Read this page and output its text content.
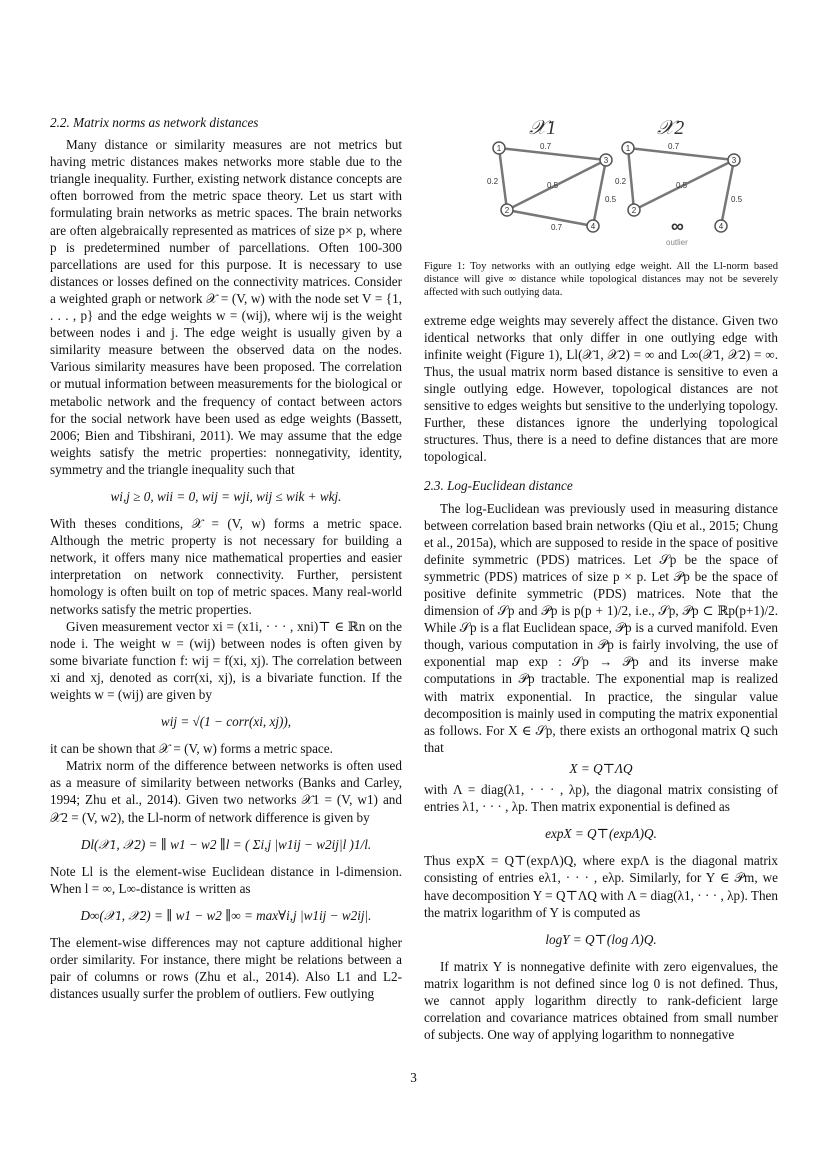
2.2. Matrix norms as network distances

Many distance or similarity measures are not metrics but having metric distances makes networks more stable due to the triangle inequality. Further, existing network distance concepts are often borrowed from the metric space theory. Let us start with formulating brain networks as metric spaces. The brain networks are often algebraically represented as matrices of size p× p, where p is predetermined number of parcellations. Often 100-300 parcellations are used for this purpose. It is necessary to use distances or losses defined on the connectivity matrices. Consider a weighted graph or network 𝒳 = (V, w) with the node set V = {1, . . . , p} and the edge weights w = (wij), where wij is the weight between nodes i and j. The edge weight is usually given by a similarity measure between the observed data on the nodes. Various similarity measures have been proposed. The correlation or mutual information between measurements for the biological or metabolic network and the frequency of contact between actors for the social network have been used as edge weights (Bassett, 2006; Bien and Tibshirani, 2011). We may assume that the edge weights satisfy the metric properties: nonnegativity, identity, symmetry and the triangle inequality such that

wi,j ≥ 0, wii = 0, wij = wji, wij ≤ wik + wkj.

With theses conditions, 𝒳 = (V, w) forms a metric space. Although the metric property is not necessary for building a network, it offers many nice mathematical properties and easier interpretation on network connectivity. Further, persistent homology is often built on top of metric spaces. Many real-world networks satisfy the metric properties.

Given measurement vector xi = (x1i, · · · , xni)⊤ ∈ ℝn on the node i. The weight w = (wij) between nodes is often given by some bivariate function f: wij = f(xi, xj). The correlation between xi and xj, denoted as corr(xi, xj), is a bivariate function. If the weights w = (wij) are given by

wij = √(1 − corr(xi, xj)),

it can be shown that 𝒳 = (V, w) forms a metric space.

Matrix norm of the difference between networks is often used as a measure of similarity between networks (Banks and Carley, 1994; Zhu et al., 2014). Given two networks 𝒳1 = (V, w1) and 𝒳2 = (V, w2), the Ll-norm of network difference is given by

Dl(𝒳1, 𝒳2) = ∥ w1 − w2 ∥l = ( Σi,j |w1ij − w2ij|l )1/l.

Note Ll is the element-wise Euclidean distance in l-dimension. When l = ∞, L∞-distance is written as

D∞(𝒳1, 𝒳2) = ∥ w1 − w2 ∥∞ = max∀i,j |w1ij − w2ij|.

The element-wise differences may not capture additional higher order similarity. For instance, there might be relations between a pair of columns or rows (Zhu et al., 2014). Also L1 and L2-distances usually surfer the problem of outliers. Few outlying

𝒳1
0.7
0.2	0.5
0.5
0.7
1
2
3
4
𝒳2
0.7
0.2	0.5
0.5
∞
outlier
1
2
3
4
Figure 1: Toy networks with an outlying edge weight. All the Ll-norm based distance will give ∞ distance while topological distances may not be severely affected with such outlying data.

extreme edge weights may severely affect the distance. Given two identical networks that only differ in one outlying edge with infinite weight (Figure 1), Ll(𝒳1, 𝒳2) = ∞ and L∞(𝒳1, 𝒳2) = ∞. Thus, the usual matrix norm based distance is sensitive to even a single outlying edge. However, topological distances are not sensitive to edges weights but sensitive to the underlying topology. Further, these distances ignore the underlying topological structures. Thus, there is a need to define distances that are more topological.

2.3. Log-Euclidean distance

The log-Euclidean was previously used in measuring distance between correlation based brain networks (Qiu et al., 2015; Chung et al., 2015a), which are supposed to reside in the space of positive definite symmetric (PDS) matrices. Let 𝒮p be the space of symmetric (PDS) matrices of size p × p. Let 𝒫p be the space of positive definite symmetric (PDS) matrices. Note that the dimension of 𝒮p and 𝒫p is p(p + 1)/2, i.e., 𝒮p, 𝒫p ⊂ ℝp(p+1)/2. While 𝒮p is a flat Euclidean space, 𝒫p is a curved manifold. Even though, various computation in 𝒫p is fairly involving, the use of exponential map exp : 𝒮p → 𝒫p and its inverse make computations in 𝒫p tractable. The exponential map is realized with matrix exponential. In practice, the singular value decomposition is mainly used in computing the matrix exponential as follows. For X ∈ 𝒮p, there exists an orthogonal matrix Q such that

X = Q⊤ΛQ

with Λ = diag(λ1, · · · , λp), the diagonal matrix consisting of entries λ1, · · · , λp. Then matrix exponential is defined as

expX = Q⊤(expΛ)Q.

Thus expX = Q⊤(expΛ)Q, where expΛ is the diagonal matrix consisting of entries eλ1, · · · , eλp. Similarly, for Y ∈ 𝒫m, we have decomposition Y = Q⊤ΛQ with Λ = diag(λ1, · · · , λp). Then the matrix logarithm of Y is computed as

logY = Q⊤(log Λ)Q.

If matrix Y is nonnegative definite with zero eigenvalues, the matrix logarithm is not defined since log 0 is not defined. Thus, we cannot apply logarithm directly to rank-deficient large correlation and covariance matrices obtained from small number of subjects. One way of applying logarithm to nonnegative

3
